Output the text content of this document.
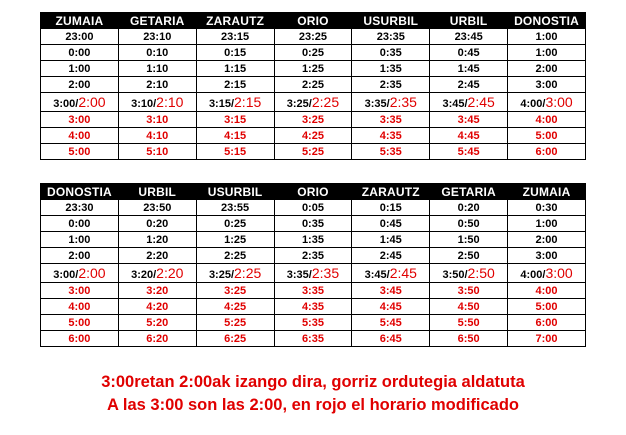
ZUMAIA	GETARIA	ZARAUTZ	ORIO	USURBIL	URBIL	DONOSTIA
23:00	23:10	23:15	23:25	23:35	23:45	1:00
0:00	0:10	0:15	0:25	0:35	0:45	1:00
1:00	1:10	1:15	1:25	1:35	1:45	2:00
2:00	2:10	2:15	2:25	2:35	2:45	3:00
3:00/2:00	3:10/2:10	3:15/2:15	3:25/2:25	3:35/2:35	3:45/2:45	4:00/3:00
3:00	3:10	3:15	3:25	3:35	3:45	4:00
4:00	4:10	4:15	4:25	4:35	4:45	5:00
5:00	5:10	5:15	5:25	5:35	5:45	6:00
DONOSTIA	URBIL	USURBIL	ORIO	ZARAUTZ	GETARIA	ZUMAIA
23:30	23:50	23:55	0:05	0:15	0:20	0:30
0:00	0:20	0:25	0:35	0:45	0:50	1:00
1:00	1:20	1:25	1:35	1:45	1:50	2:00
2:00	2:20	2:25	2:35	2:45	2:50	3:00
3:00/2:00	3:20/2:20	3:25/2:25	3:35/2:35	3:45/2:45	3:50/2:50	4:00/3:00
3:00	3:20	3:25	3:35	3:45	3:50	4:00
4:00	4:20	4:25	4:35	4:45	4:50	5:00
5:00	5:20	5:25	5:35	5:45	5:50	6:00
6:00	6:20	6:25	6:35	6:45	6:50	7:00
3:00retan 2:00ak izango dira, gorriz ordutegia aldatuta
A las 3:00 son las 2:00, en rojo el horario modificado
